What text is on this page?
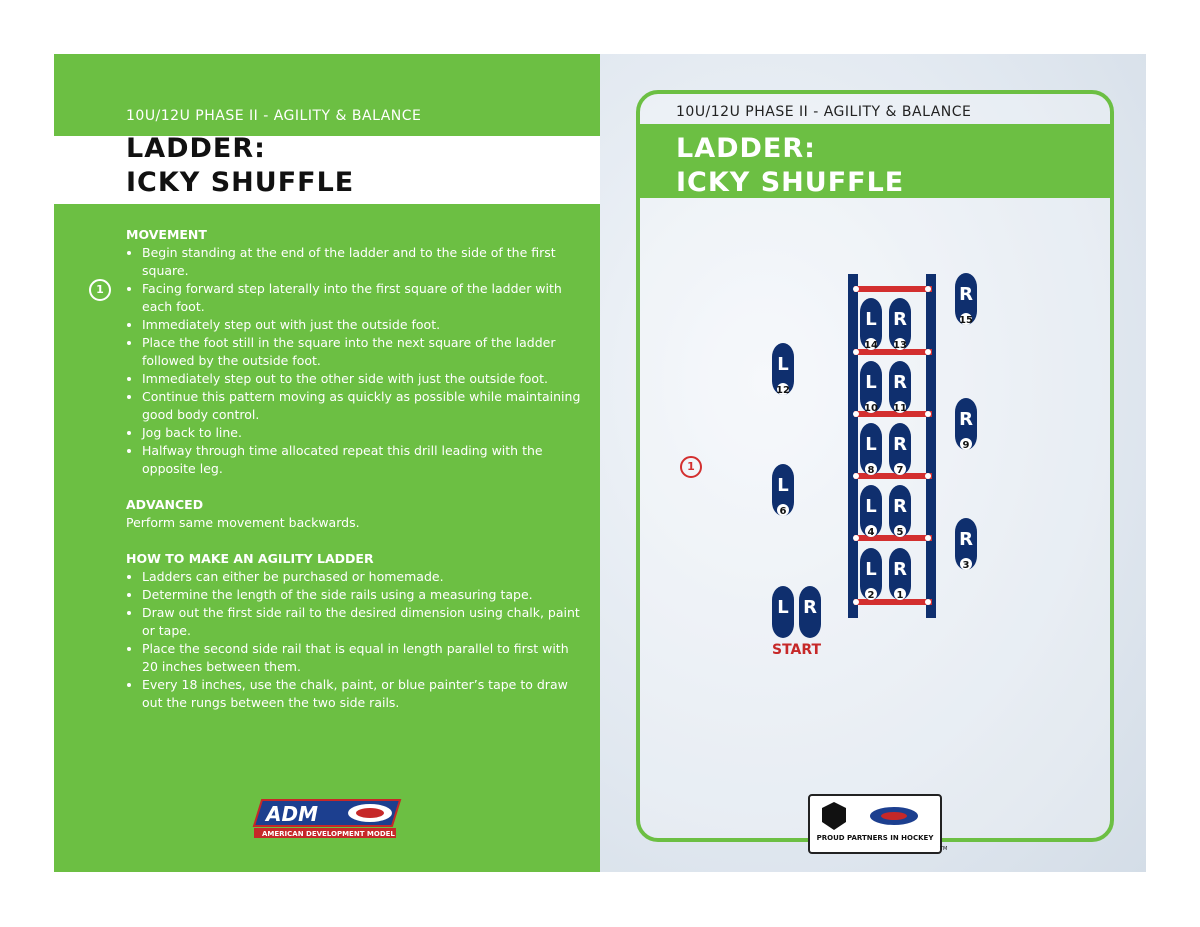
10U/12U PHASE II - AGILITY & BALANCE
LADDER:
ICKY SHUFFLE
1
MOVEMENT
• Begin standing at the end of the ladder and to the side of the first square.
• Facing forward step laterally into the first square of the ladder with each foot.
• Immediately step out with just the outside foot.
• Place the foot still in the square into the next square of the ladder followed by the outside foot.
• Immediately step out to the other side with just the outside foot.
• Continue this pattern moving as quickly as possible while maintaining good body control.
• Jog back to line.
• Halfway through time allocated repeat this drill leading with the opposite leg.
ADVANCED
Perform same movement backwards.
HOW TO MAKE AN AGILITY LADDER
• Ladders can either be purchased or homemade.
• Determine the length of the side rails using a measuring tape.
• Draw out the first side rail to the desired dimension using chalk, paint or tape.
• Place the second side rail that is equal in length parallel to first with 20 inches between them.
• Every 18 inches, use the chalk, paint, or blue painter’s tape to draw out the rungs between the two side rails.
ADM
AMERICAN DEVELOPMENT MODEL
10U/12U PHASE II - AGILITY & BALANCE
LADDER:
ICKY SHUFFLE
1
L
14
R
13
L
10
R
11
L
8
R
7
L
4
R
5
L
2
R
1
L
12
L
6
R
15
R
9
R
3
L R
START
PROUD PARTNERS IN HOCKEY
TM
